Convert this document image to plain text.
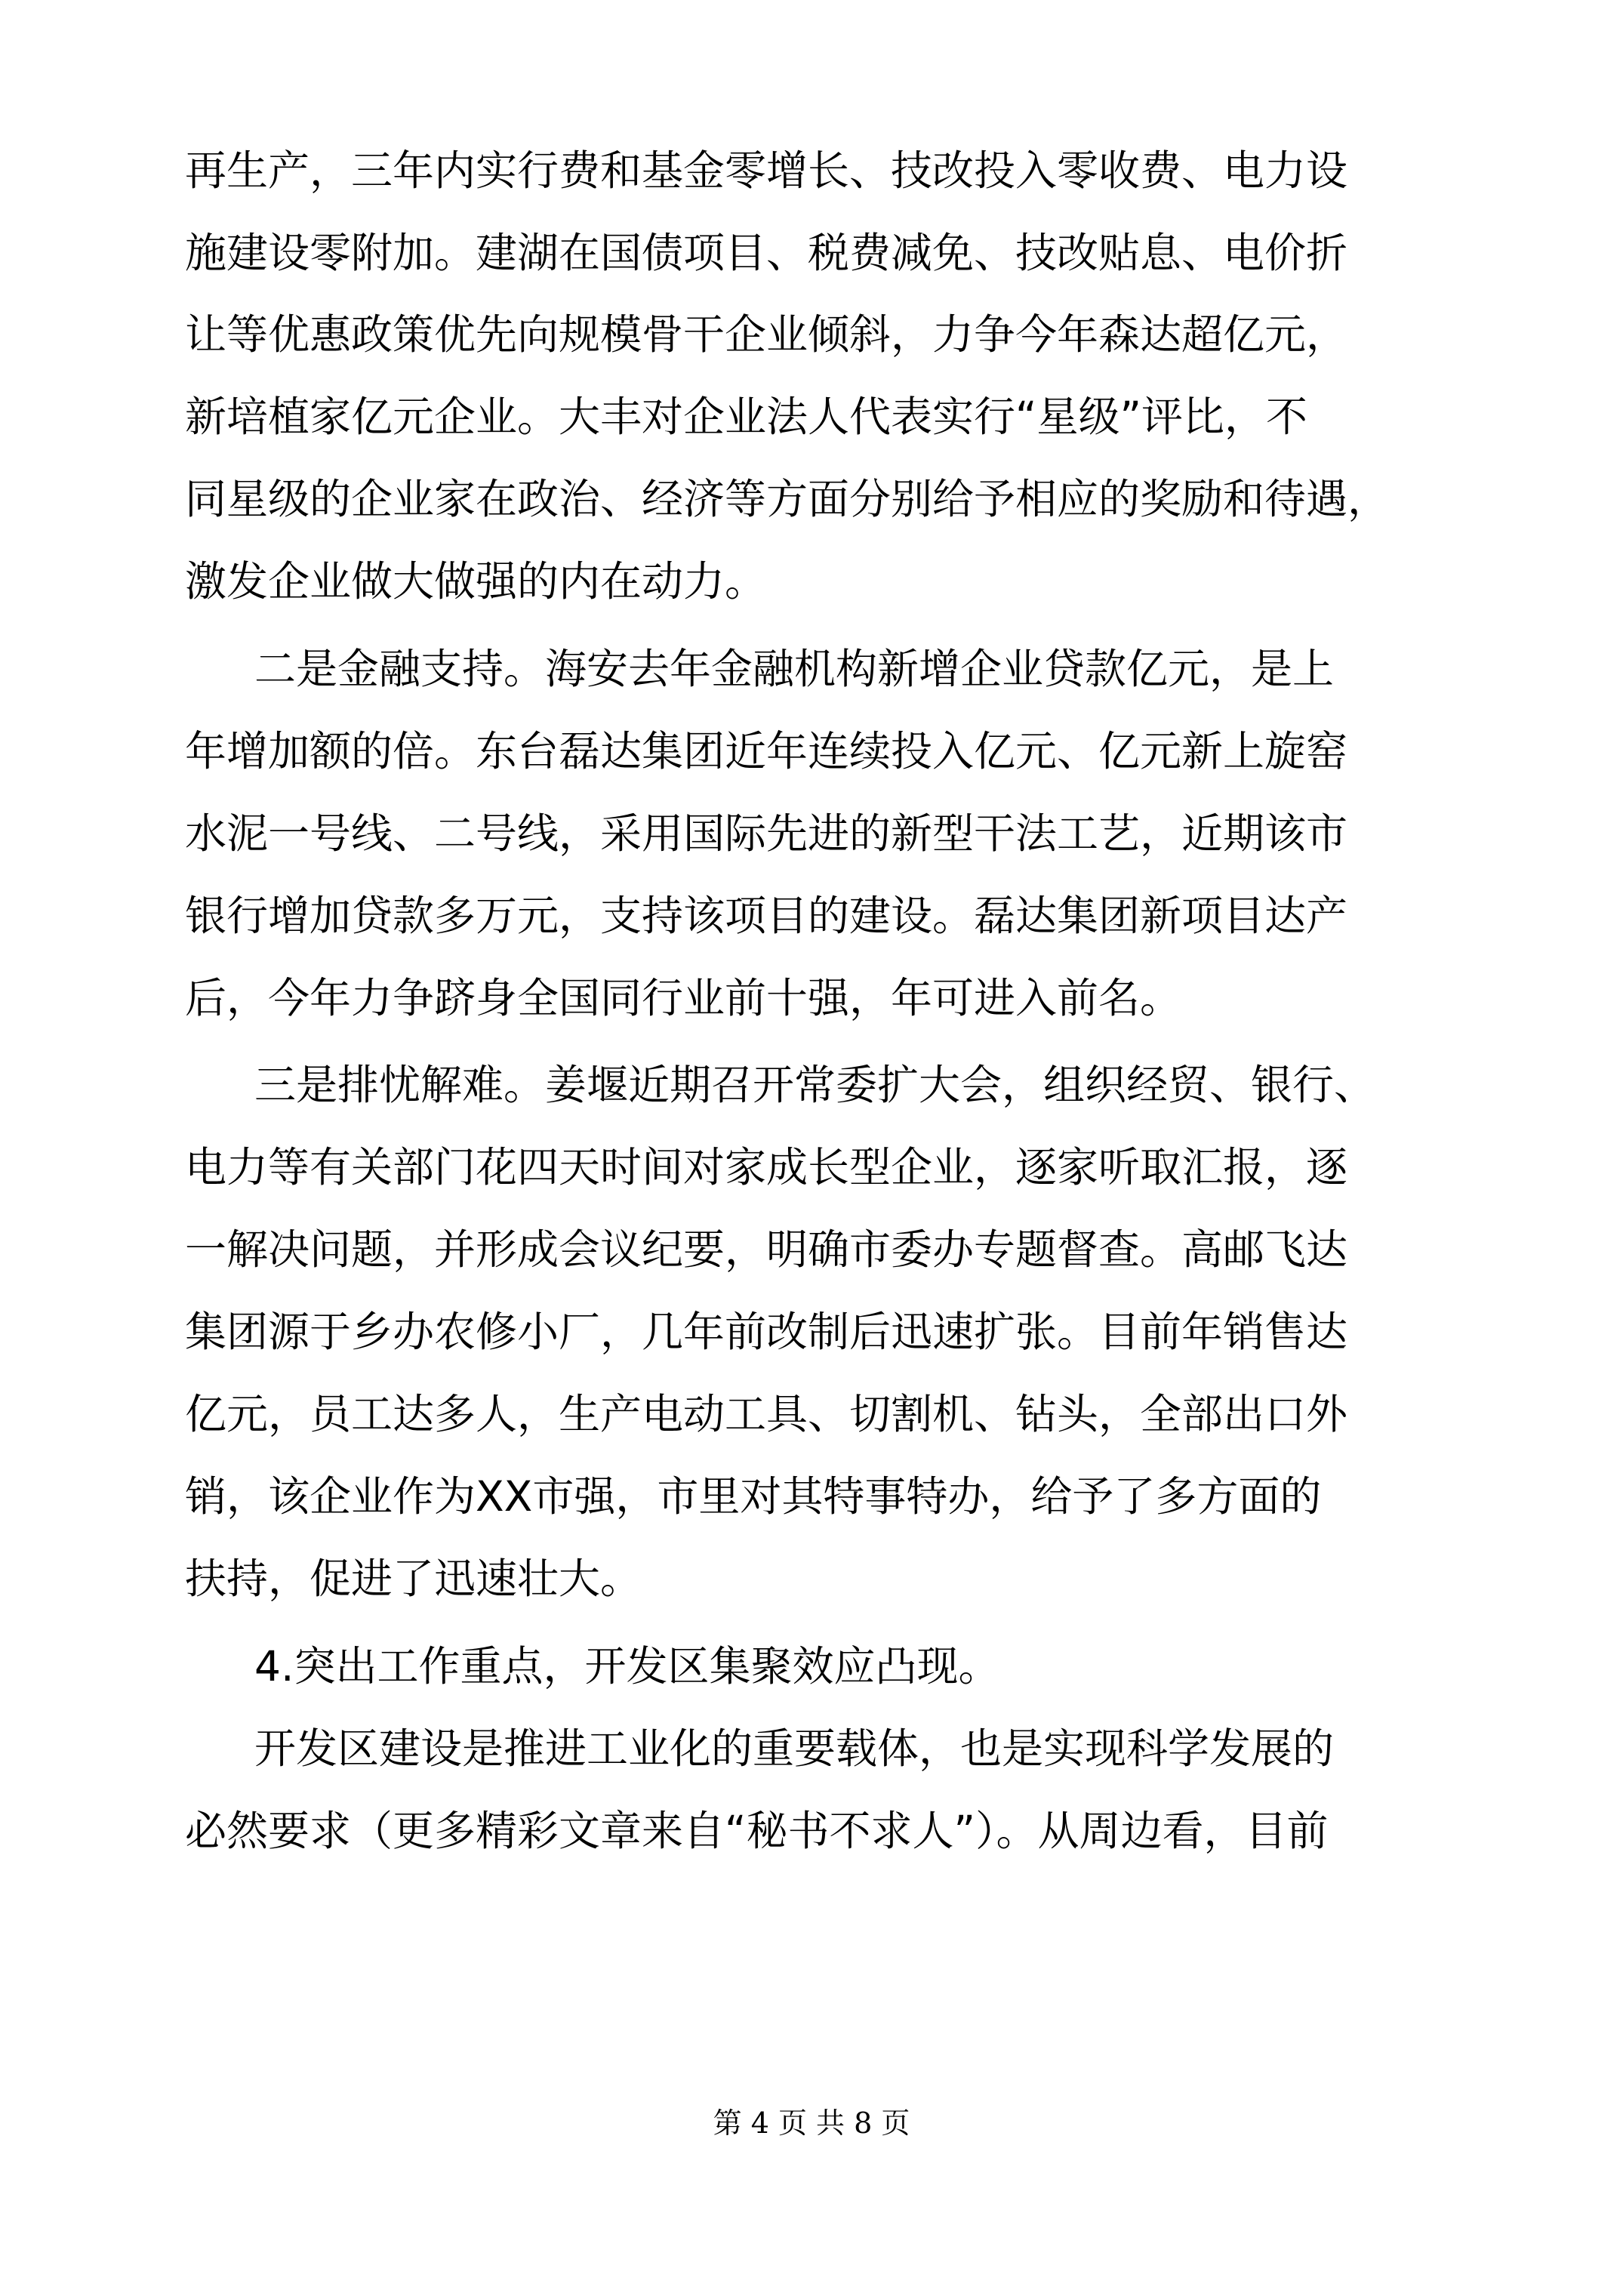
再生产，三年内实行费和基金零增长、技改投入零收费、电力设

施建设零附加。建湖在国债项目、税费减免、技改贴息、电价折

让等优惠政策优先向规模骨干企业倾斜，力争今年森达超亿元，

新培植家亿元企业。大丰对企业法人代表实行“星级”评比，不

同星级的企业家在政治、经济等方面分别给予相应的奖励和待遇，

激发企业做大做强的内在动力。

二是金融支持。海安去年金融机构新增企业贷款亿元，是上

年增加额的倍。东台磊达集团近年连续投入亿元、亿元新上旋窑

水泥一号线、二号线，采用国际先进的新型干法工艺，近期该市

银行增加贷款多万元，支持该项目的建设。磊达集团新项目达产

后，今年力争跻身全国同行业前十强，年可进入前名。

三是排忧解难。姜堰近期召开常委扩大会，组织经贸、银行、

电力等有关部门花四天时间对家成长型企业，逐家听取汇报，逐

一解决问题，并形成会议纪要，明确市委办专题督查。高邮飞达

集团源于乡办农修小厂，几年前改制后迅速扩张。目前年销售达

亿元，员工达多人，生产电动工具、切割机、钻头，全部出口外

销，该企业作为XX市强，市里对其特事特办，给予了多方面的

扶持，促进了迅速壮大。

4.突出工作重点，开发区集聚效应凸现。

开发区建设是推进工业化的重要载体，也是实现科学发展的

必然要求（更多精彩文章来自“秘书不求人”）。从周边看，目前

第 4 页 共 8 页
